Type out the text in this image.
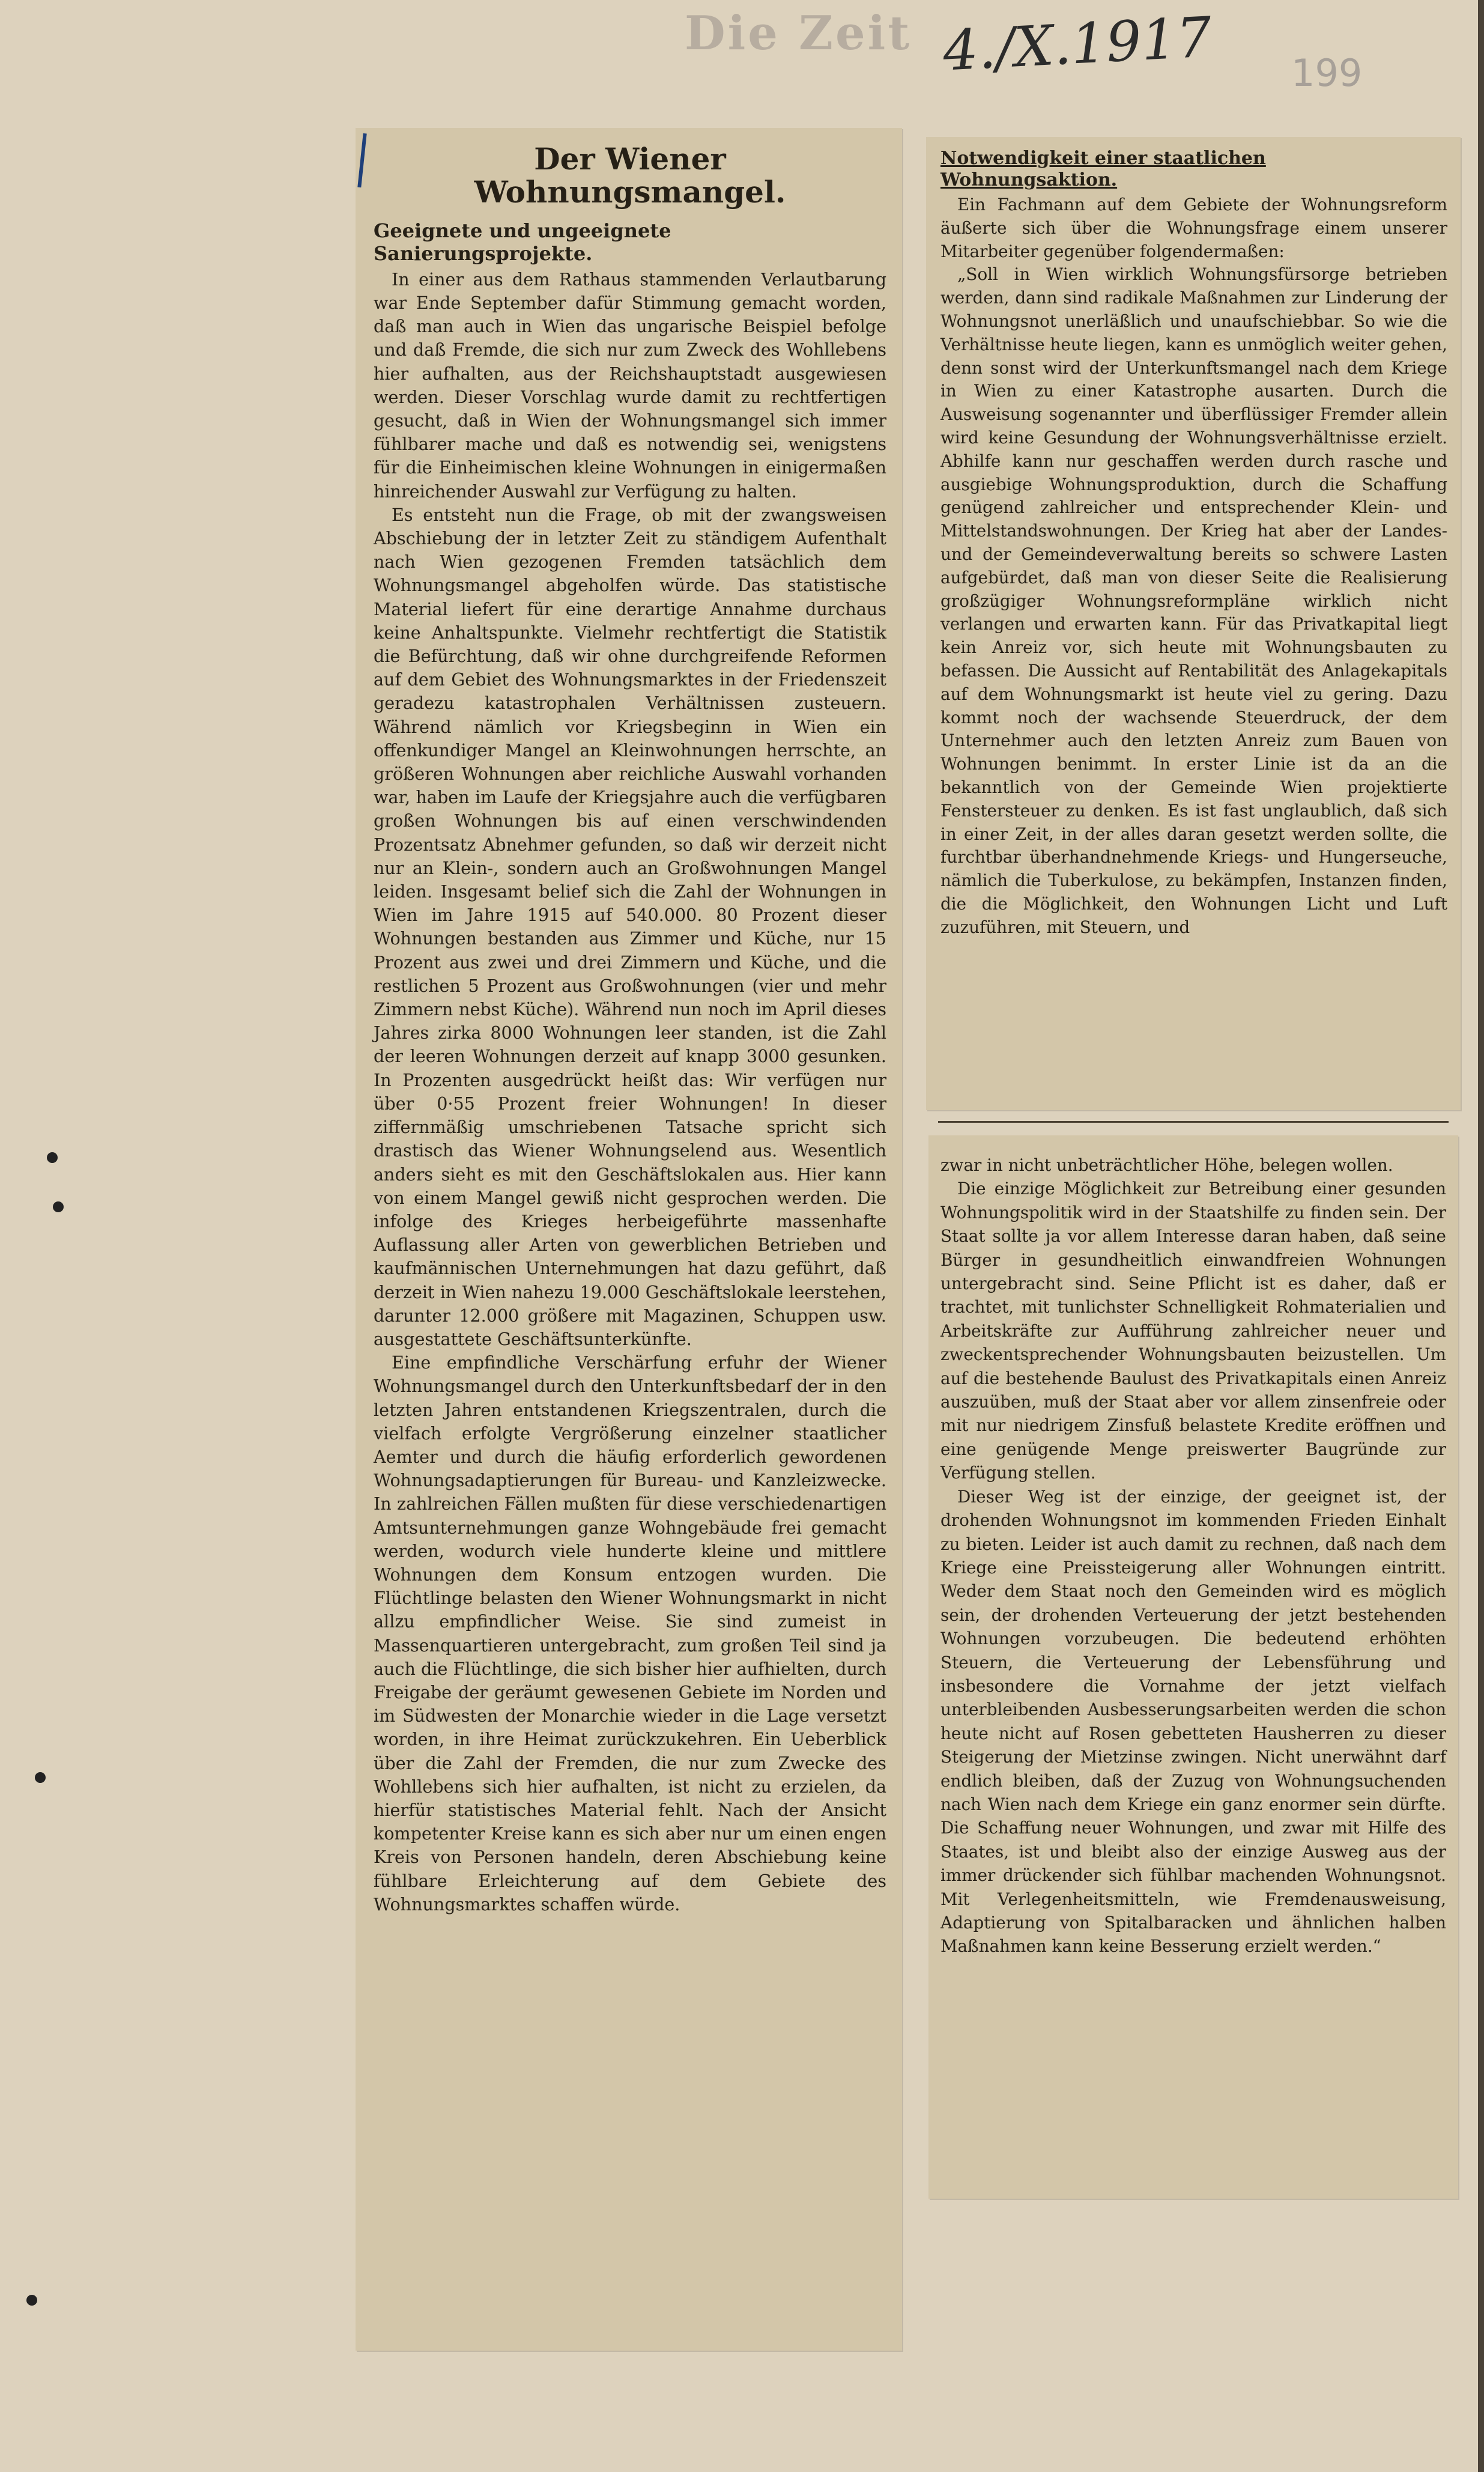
Die Zeit 4./X.1917 199
Der Wiener Wohnungsmangel.
Geeignete und ungeeignete Sanierungsprojekte.

In einer aus dem Rathaus stammenden Verlautbarung war Ende September dafür Stimmung gemacht worden, daß man auch in Wien das ungarische Beispiel befolge und daß Fremde, die sich nur zum Zweck des Wohllebens hier aufhalten, aus der Reichshauptstadt ausgewiesen werden. Dieser Vorschlag wurde damit zu rechtfertigen gesucht, daß in Wien der Wohnungsmangel sich immer fühlbarer mache und daß es notwendig sei, wenigstens für die Einheimischen kleine Wohnungen in einigermaßen hinreichender Auswahl zur Verfügung zu halten.

Es entsteht nun die Frage, ob mit der zwangsweisen Abschiebung der in letzter Zeit zu ständigem Aufenthalt nach Wien gezogenen Fremden tatsächlich dem Wohnungsmangel abgeholfen würde. Das statistische Material liefert für eine derartige Annahme durchaus keine Anhaltspunkte. Vielmehr rechtfertigt die Statistik die Befürchtung, daß wir ohne durchgreifende Reformen auf dem Gebiet des Wohnungsmarktes in der Friedenszeit geradezu katastrophalen Verhältnissen zusteuern. Während nämlich vor Kriegsbeginn in Wien ein offenkundiger Mangel an Kleinwohnungen herrschte, an größeren Wohnungen aber reichliche Auswahl vorhanden war, haben im Laufe der Kriegsjahre auch die verfügbaren großen Wohnungen bis auf einen verschwindenden Prozentsatz Abnehmer gefunden, so daß wir derzeit nicht nur an Klein-, sondern auch an Großwohnungen Mangel leiden. Insgesamt belief sich die Zahl der Wohnungen in Wien im Jahre 1915 auf 540.000. 80 Prozent dieser Wohnungen bestanden aus Zimmer und Küche, nur 15 Prozent aus zwei und drei Zimmern und Küche, und die restlichen 5 Prozent aus Großwohnungen (vier und mehr Zimmern nebst Küche). Während nun noch im April dieses Jahres zirka 8000 Wohnungen leer standen, ist die Zahl der leeren Wohnungen derzeit auf knapp 3000 gesunken. In Prozenten ausgedrückt heißt das: Wir verfügen nur über 0·55 Prozent freier Wohnungen! In dieser ziffernmäßig umschriebenen Tatsache spricht sich drastisch das Wiener Wohnungselend aus. Wesentlich anders sieht es mit den Geschäftslokalen aus. Hier kann von einem Mangel gewiß nicht gesprochen werden. Die infolge des Krieges herbeigeführte massenhafte Auflassung aller Arten von gewerblichen Betrieben und kaufmännischen Unternehmungen hat dazu geführt, daß derzeit in Wien nahezu 19.000 Geschäftslokale leerstehen, darunter 12.000 größere mit Magazinen, Schuppen usw. ausgestattete Geschäftsunterkünfte.

Eine empfindliche Verschärfung erfuhr der Wiener Wohnungsmangel durch den Unterkunftsbedarf der in den letzten Jahren entstandenen Kriegszentralen, durch die vielfach erfolgte Vergrößerung einzelner staatlicher Aemter und durch die häufig erforderlich gewordenen Wohnungsadaptierungen für Bureau- und Kanzleizwecke. In zahlreichen Fällen mußten für diese verschiedenartigen Amtsunternehmungen ganze Wohngebäude frei gemacht werden, wodurch viele hunderte kleine und mittlere Wohnungen dem Konsum entzogen wurden. Die Flüchtlinge belasten den Wiener Wohnungsmarkt in nicht allzu empfindlicher Weise. Sie sind zumeist in Massenquartieren untergebracht, zum großen Teil sind ja auch die Flüchtlinge, die sich bisher hier aufhielten, durch Freigabe der geräumt gewesenen Gebiete im Norden und im Südwesten der Monarchie wieder in die Lage versetzt worden, in ihre Heimat zurückzukehren. Ein Ueberblick über die Zahl der Fremden, die nur zum Zwecke des Wohllebens sich hier aufhalten, ist nicht zu erzielen, da hierfür statistisches Material fehlt. Nach der Ansicht kompetenter Kreise kann es sich aber nur um einen engen Kreis von Personen handeln, deren Abschiebung keine fühlbare Erleichterung auf dem Gebiete des Wohnungsmarktes schaffen würde.

Notwendigkeit einer staatlichen Wohnungsaktion.

Ein Fachmann auf dem Gebiete der Wohnungsreform äußerte sich über die Wohnungsfrage einem unserer Mitarbeiter gegenüber folgendermaßen:

„Soll in Wien wirklich Wohnungsfürsorge betrieben werden, dann sind radikale Maßnahmen zur Linderung der Wohnungsnot unerläßlich und unaufschiebbar. So wie die Verhältnisse heute liegen, kann es unmöglich weiter gehen, denn sonst wird der Unterkunftsmangel nach dem Kriege in Wien zu einer Katastrophe ausarten. Durch die Ausweisung sogenannter und überflüssiger Fremder allein wird keine Gesundung der Wohnungsverhältnisse erzielt. Abhilfe kann nur geschaffen werden durch rasche und ausgiebige Wohnungsproduktion, durch die Schaffung genügend zahlreicher und entsprechender Klein- und Mittelstandswohnungen. Der Krieg hat aber der Landes- und der Gemeindeverwaltung bereits so schwere Lasten aufgebürdet, daß man von dieser Seite die Realisierung großzügiger Wohnungsreformpläne wirklich nicht verlangen und erwarten kann. Für das Privatkapital liegt kein Anreiz vor, sich heute mit Wohnungsbauten zu befassen. Die Aussicht auf Rentabilität des Anlagekapitals auf dem Wohnungsmarkt ist heute viel zu gering. Dazu kommt noch der wachsende Steuerdruck, der dem Unternehmer auch den letzten Anreiz zum Bauen von Wohnungen benimmt. In erster Linie ist da an die bekanntlich von der Gemeinde Wien projektierte Fenstersteuer zu denken. Es ist fast unglaublich, daß sich in einer Zeit, in der alles daran gesetzt werden sollte, die furchtbar überhandnehmende Kriegs- und Hungerseuche, nämlich die Tuberkulose, zu bekämpfen, Instanzen finden, die die Möglichkeit, den Wohnungen Licht und Luft zuzuführen, mit Steuern, und

zwar in nicht unbeträchtlicher Höhe, belegen wollen.

Die einzige Möglichkeit zur Betreibung einer gesunden Wohnungspolitik wird in der Staatshilfe zu finden sein. Der Staat sollte ja vor allem Interesse daran haben, daß seine Bürger in gesundheitlich einwandfreien Wohnungen untergebracht sind. Seine Pflicht ist es daher, daß er trachtet, mit tunlichster Schnelligkeit Rohmaterialien und Arbeitskräfte zur Aufführung zahlreicher neuer und zweckentsprechender Wohnungsbauten beizustellen. Um auf die bestehende Baulust des Privatkapitals einen Anreiz auszuüben, muß der Staat aber vor allem zinsenfreie oder mit nur niedrigem Zinsfuß belastete Kredite eröffnen und eine genügende Menge preiswerter Baugründe zur Verfügung stellen.

Dieser Weg ist der einzige, der geeignet ist, der drohenden Wohnungsnot im kommenden Frieden Einhalt zu bieten. Leider ist auch damit zu rechnen, daß nach dem Kriege eine Preissteigerung aller Wohnungen eintritt. Weder dem Staat noch den Gemeinden wird es möglich sein, der drohenden Verteuerung der jetzt bestehenden Wohnungen vorzubeugen. Die bedeutend erhöhten Steuern, die Verteuerung der Lebensführung und insbesondere die Vornahme der jetzt vielfach unterbleibenden Ausbesserungsarbeiten werden die schon heute nicht auf Rosen gebetteten Hausherren zu dieser Steigerung der Mietzinse zwingen. Nicht unerwähnt darf endlich bleiben, daß der Zuzug von Wohnungsuchenden nach Wien nach dem Kriege ein ganz enormer sein dürfte. Die Schaffung neuer Wohnungen, und zwar mit Hilfe des Staates, ist und bleibt also der einzige Ausweg aus der immer drückender sich fühlbar machenden Wohnungsnot. Mit Verlegenheitsmitteln, wie Fremdenausweisung, Adaptierung von Spitalbaracken und ähnlichen halben Maßnahmen kann keine Besserung erzielt werden.“
